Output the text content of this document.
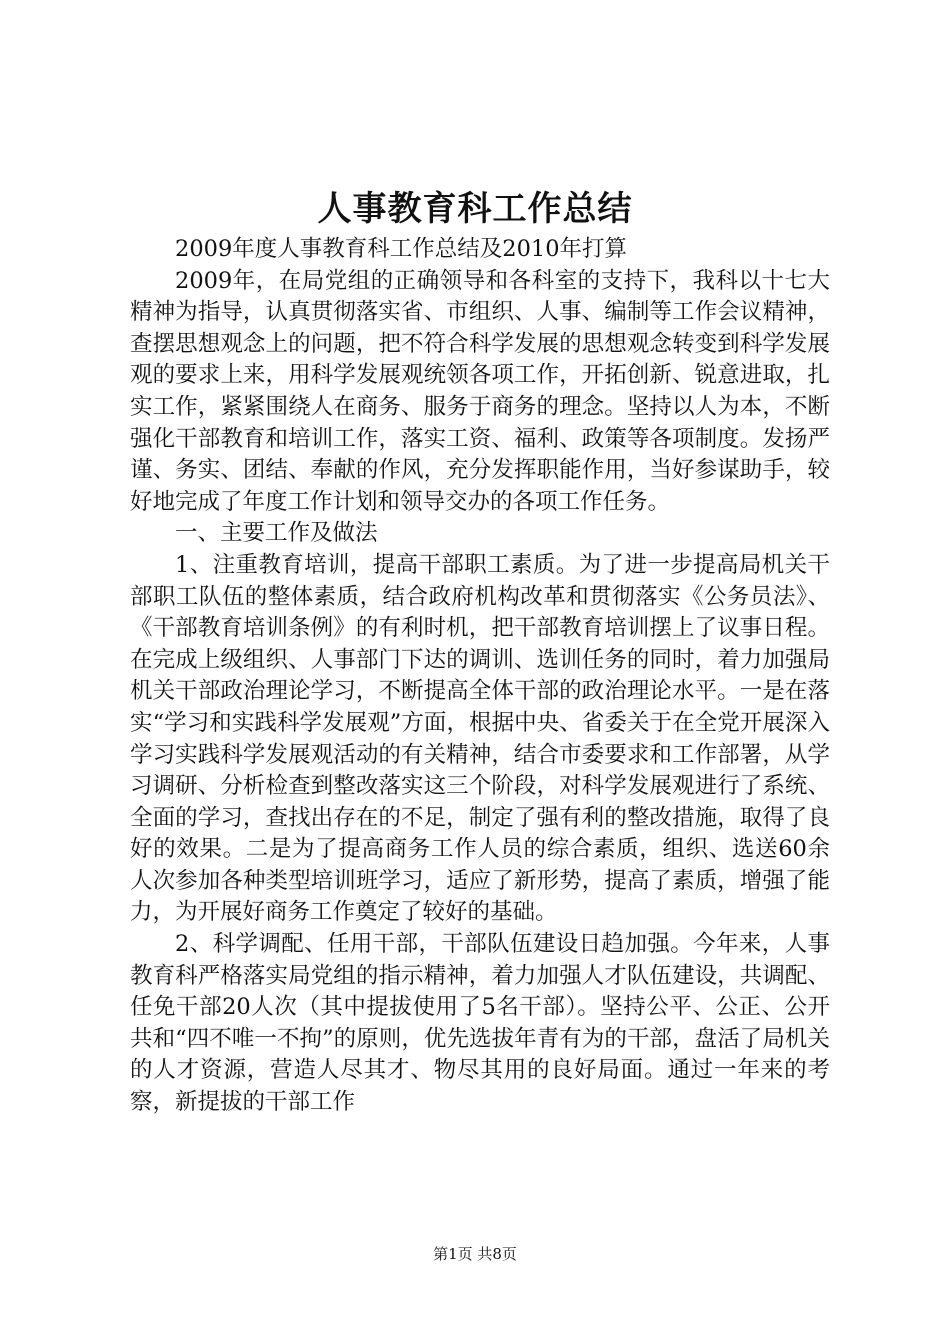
人事教育科工作总结

2009年度人事教育科工作总结及2010年打算

2009年，在局党组的正确领导和各科室的支持下，我科以十七大精神为指导，认真贯彻落实省、市组织、人事、编制等工作会议精神，查摆思想观念上的问题，把不符合科学发展的思想观念转变到科学发展观的要求上来，用科学发展观统领各项工作，开拓创新、锐意进取，扎实工作，紧紧围绕人在商务、服务于商务的理念。坚持以人为本，不断强化干部教育和培训工作，落实工资、福利、政策等各项制度。发扬严谨、务实、团结、奉献的作风，充分发挥职能作用，当好参谋助手，较好地完成了年度工作计划和领导交办的各项工作任务。

一、主要工作及做法

1、注重教育培训，提高干部职工素质。为了进一步提高局机关干部职工队伍的整体素质，结合政府机构改革和贯彻落实《公务员法》、《干部教育培训条例》的有利时机，把干部教育培训摆上了议事日程。在完成上级组织、人事部门下达的调训、选训任务的同时，着力加强局机关干部政治理论学习，不断提高全体干部的政治理论水平。一是在落实“学习和实践科学发展观”方面，根据中央、省委关于在全党开展深入学习实践科学发展观活动的有关精神，结合市委要求和工作部署，从学习调研、分析检查到整改落实这三个阶段，对科学发展观进行了系统、全面的学习，查找出存在的不足，制定了强有利的整改措施，取得了良好的效果。二是为了提高商务工作人员的综合素质，组织、选送60余人次参加各种类型培训班学习，适应了新形势，提高了素质，增强了能力，为开展好商务工作奠定了较好的基础。

2、科学调配、任用干部，干部队伍建设日趋加强。今年来，人事教育科严格落实局党组的指示精神，着力加强人才队伍建设，共调配、任免干部20人次（其中提拔使用了5名干部）。坚持公平、公正、公开共和“四不唯一不拘”的原则，优先选拔年青有为的干部，盘活了局机关的人才资源，营造人尽其才、物尽其用的良好局面。通过一年来的考察，新提拔的干部工作

第1页 共8页
